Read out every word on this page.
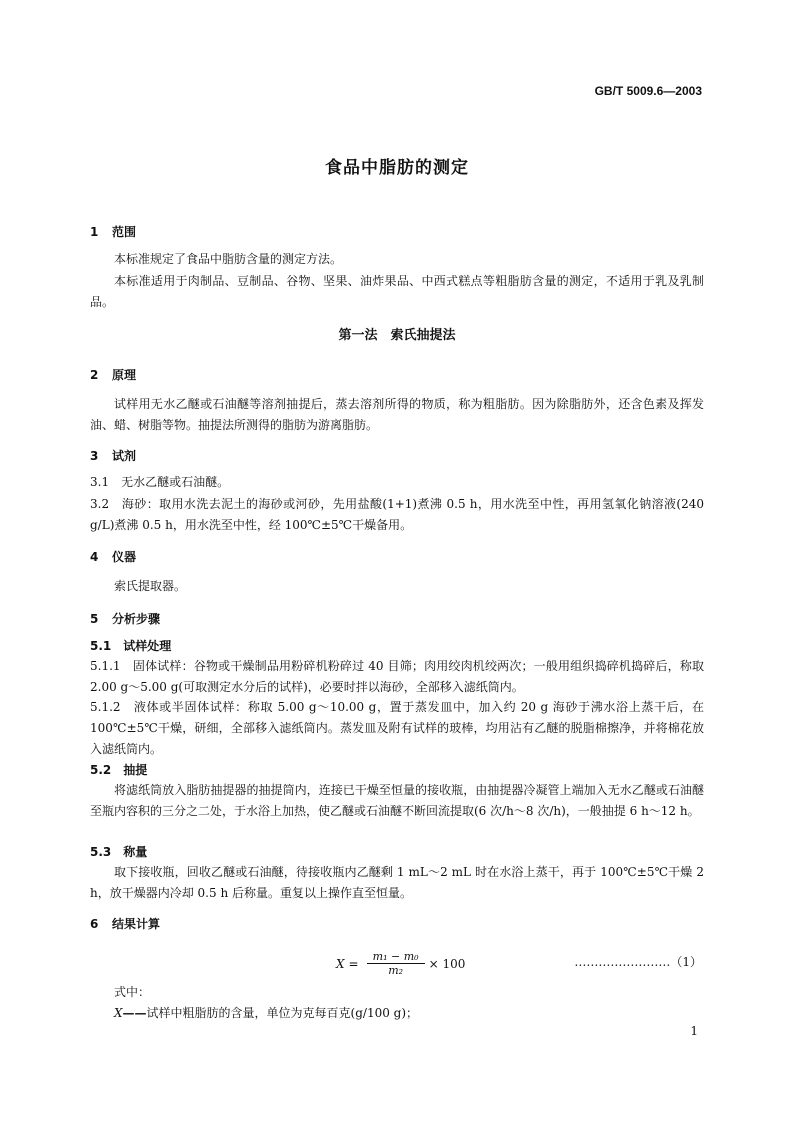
GB/T 5009.6—2003
食品中脂肪的测定
1 范围
本标准规定了食品中脂肪含量的测定方法。
本标准适用于肉制品、豆制品、谷物、坚果、油炸果品、中西式糕点等粗脂肪含量的测定，不适用于乳及乳制品。
第一法　索氏抽提法
2 原理
试样用无水乙醚或石油醚等溶剂抽提后，蒸去溶剂所得的物质，称为粗脂肪。因为除脂肪外，还含色素及挥发油、蜡、树脂等物。抽提法所测得的脂肪为游离脂肪。
3 试剂
3.1　无水乙醚或石油醚。
3.2　海砂：取用水洗去泥土的海砂或河砂，先用盐酸(1+1)煮沸 0.5 h，用水洗至中性，再用氢氧化钠溶液(240 g/L)煮沸 0.5 h，用水洗至中性，经 100℃±5℃干燥备用。
4 仪器
索氏提取器。
5 分析步骤
5.1　试样处理
5.1.1　固体试样：谷物或干燥制品用粉碎机粉碎过 40 目筛；肉用绞肉机绞两次；一般用组织捣碎机捣碎后，称取 2.00 g～5.00 g(可取测定水分后的试样)，必要时拌以海砂，全部移入滤纸筒内。
5.1.2　液体或半固体试样：称取 5.00 g～10.00 g，置于蒸发皿中，加入约 20 g 海砂于沸水浴上蒸干后，在 100℃±5℃干燥，研细，全部移入滤纸筒内。蒸发皿及附有试样的玻棒，均用沾有乙醚的脱脂棉擦净，并将棉花放入滤纸筒内。
5.2　抽提
将滤纸筒放入脂肪抽提器的抽提筒内，连接已干燥至恒量的接收瓶，由抽提器冷凝管上端加入无水乙醚或石油醚至瓶内容积的三分之二处，于水浴上加热，使乙醚或石油醚不断回流提取(6 次/h～8 次/h)，一般抽提 6 h～12 h。
5.3　称量
取下接收瓶，回收乙醚或石油醚，待接收瓶内乙醚剩 1 mL～2 mL 时在水浴上蒸干，再于 100℃±5℃干燥 2 h，放干燥器内冷却 0.5 h 后称量。重复以上操作直至恒量。
6 结果计算
$X = \frac{\text{m₁ − m₀}}{\text{m₂}} \times 100$	……………………（1）
式中：
X——试样中粗脂肪的含量，单位为克每百克(g/100 g)；
1
